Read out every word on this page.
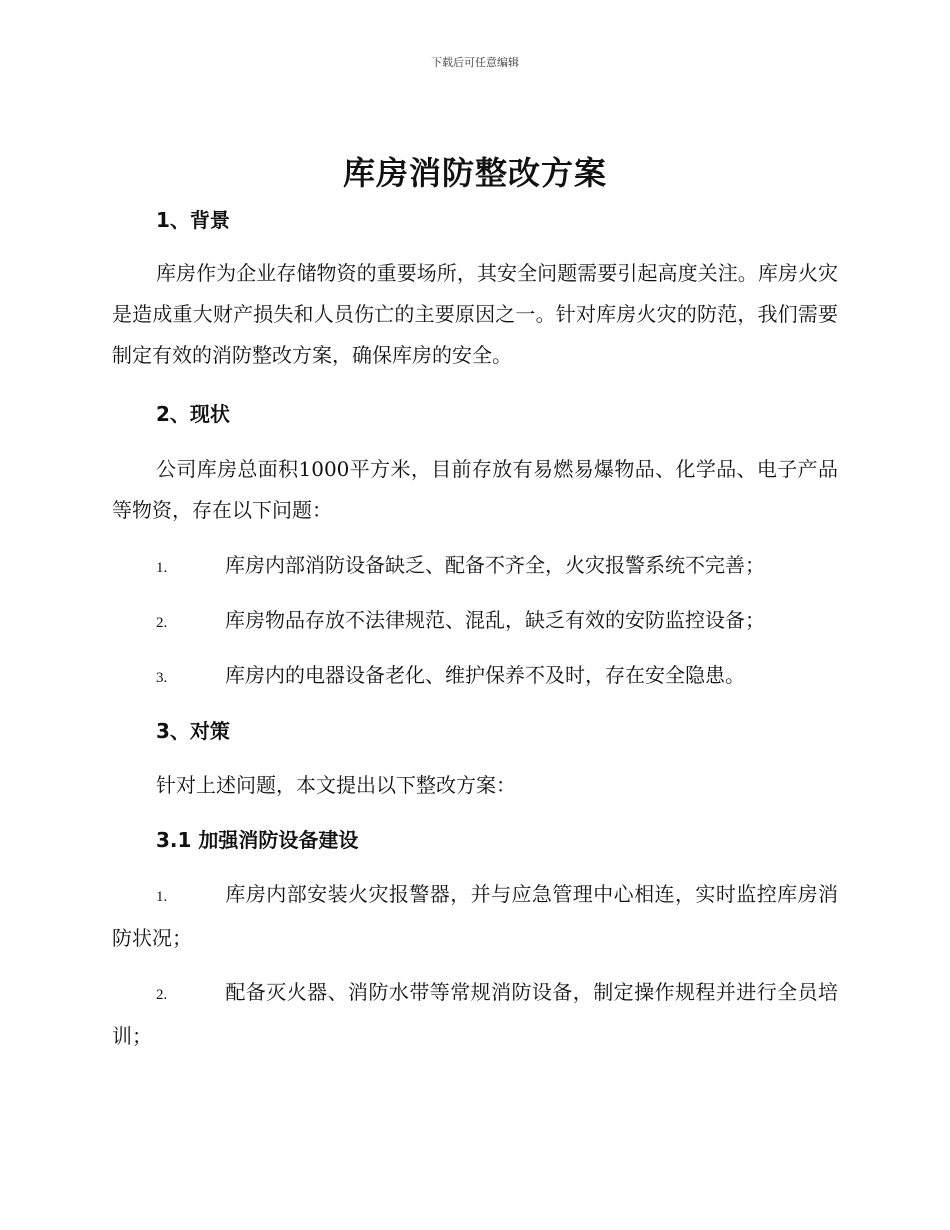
下载后可任意编辑
库房消防整改方案

1、背景

库房作为企业存储物资的重要场所，其安全问题需要引起高度关注。库房火灾是造成重大财产损失和人员伤亡的主要原因之一。针对库房火灾的防范，我们需要制定有效的消防整改方案，确保库房的安全。

2、现状

公司库房总面积1000平方米，目前存放有易燃易爆物品、化学品、电子产品等物资，存在以下问题：

1.	库房内部消防设备缺乏、配备不齐全，火灾报警系统不完善；

2.	库房物品存放不法律规范、混乱，缺乏有效的安防监控设备；

3.	库房内的电器设备老化、维护保养不及时，存在安全隐患。

3、对策

针对上述问题，本文提出以下整改方案：

3.1 加强消防设备建设

1.	库房内部安装火灾报警器，并与应急管理中心相连，实时监控库房消防状况；

2.	配备灭火器、消防水带等常规消防设备，制定操作规程并进行全员培训；
